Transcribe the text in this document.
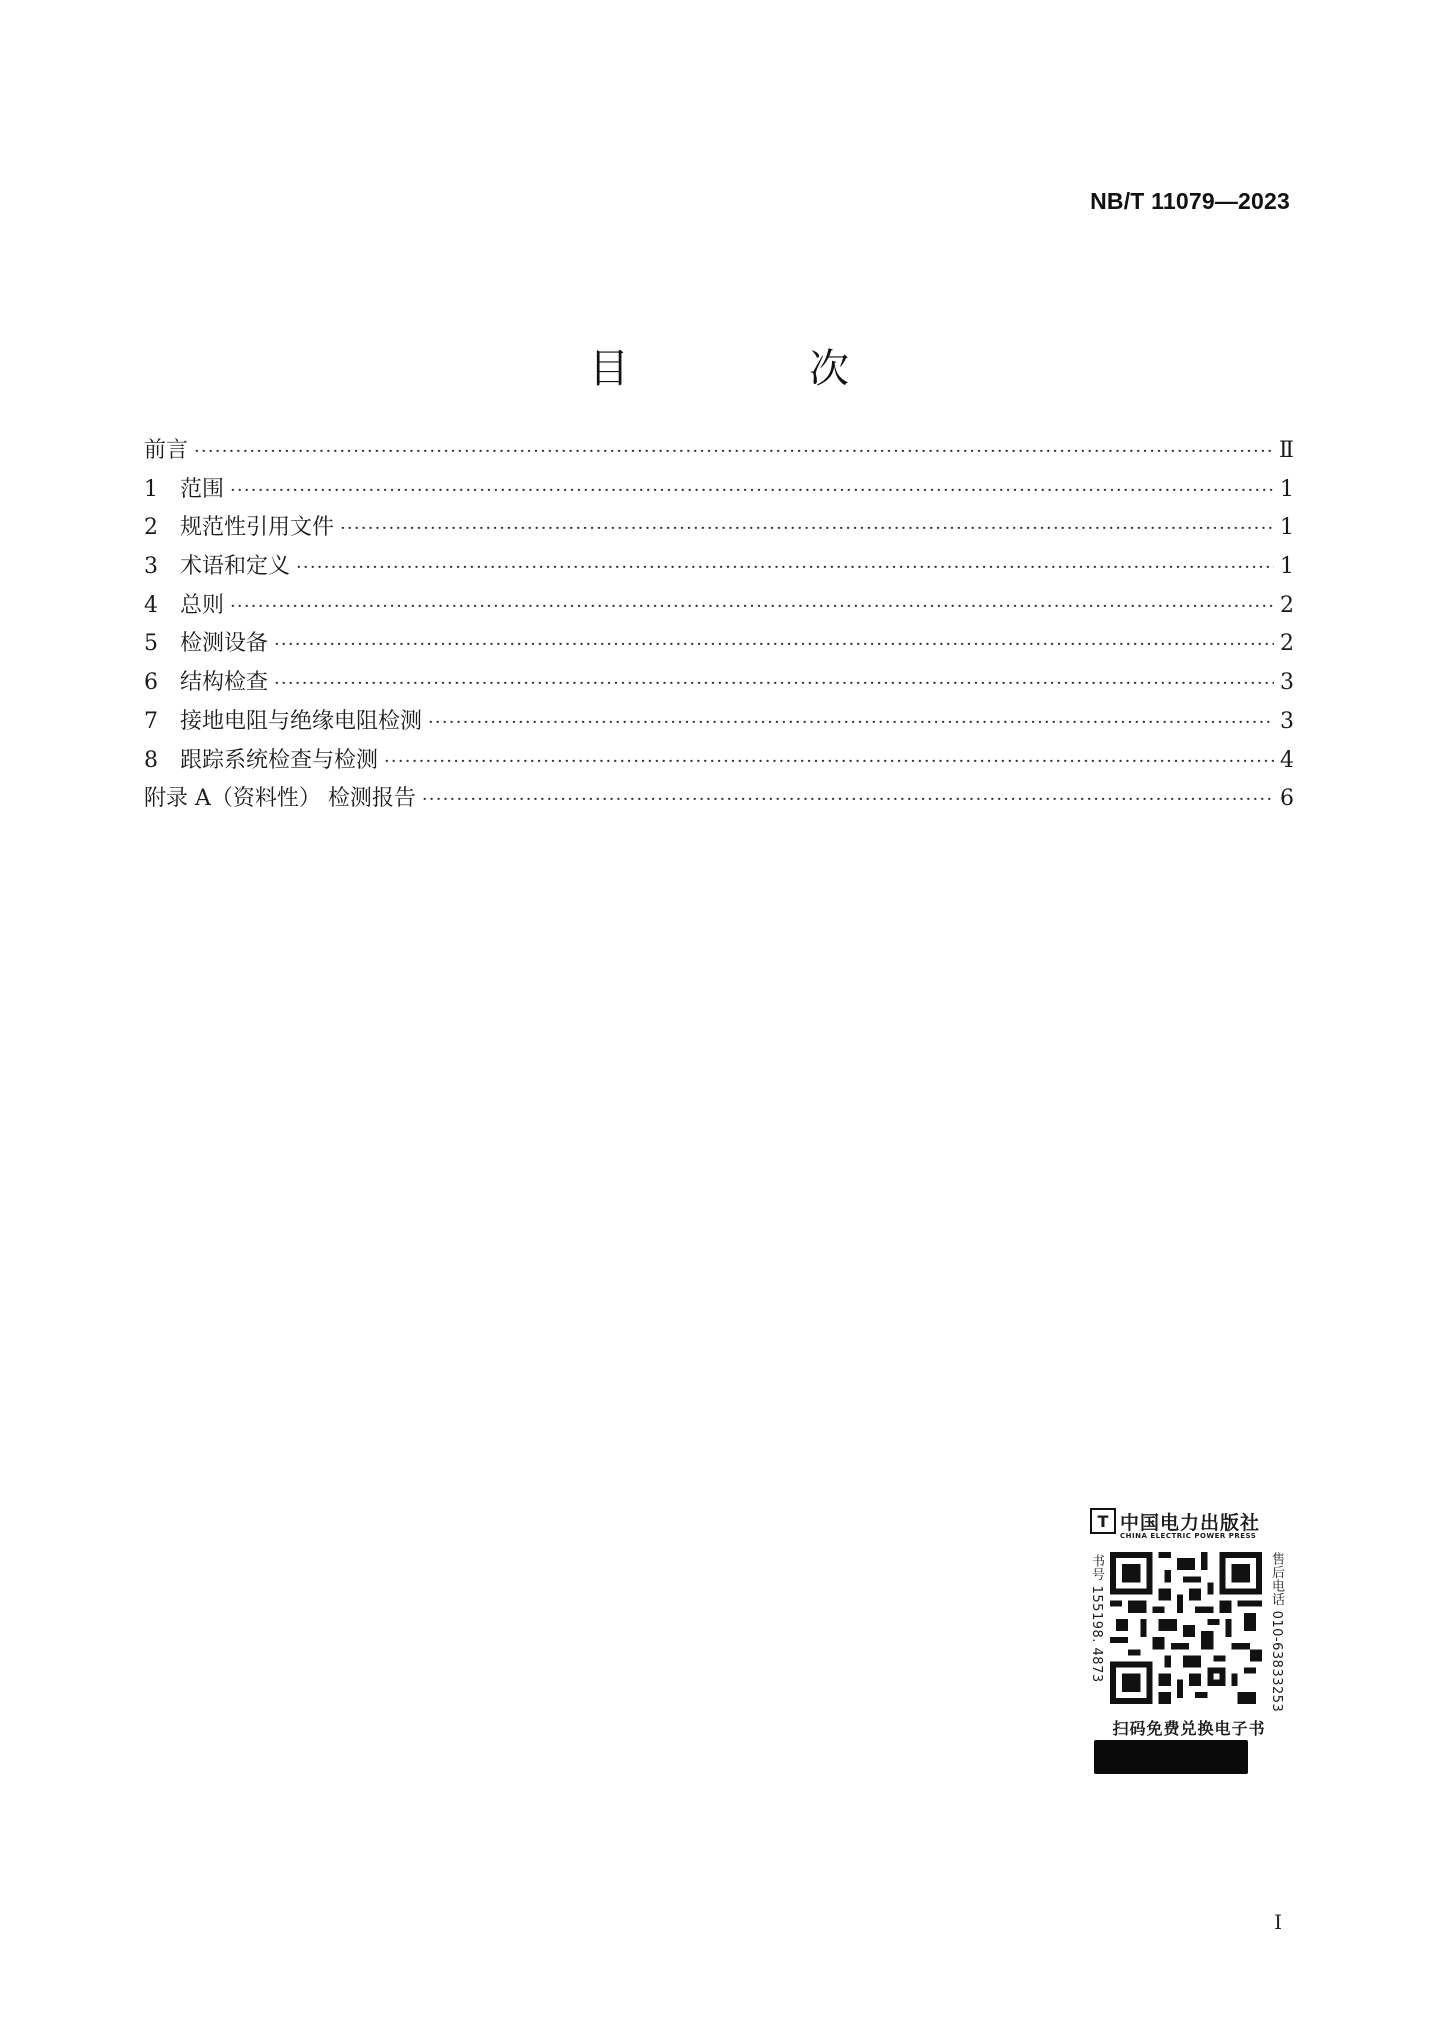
NB/T 11079—2023
目　次
前言 ·····	Ⅱ
1	范围 ·····	1
2	规范性引用文件 ·····	1
3	术语和定义 ·····	1
4	总则 ·····	2
5	检测设备 ·····	2
6	结构检查 ·····	3
7	接地电阻与绝缘电阻检测 ·····	3
8	跟踪系统检查与检测 ·····	4
附录 A（资料性） 检测报告 ·····	6
T 中国电力出版社
CHINA ELECTRIC POWER PRESS
书号 155198. 4873	售后电话 010-63833253
扫码免费兑换电子书
I
